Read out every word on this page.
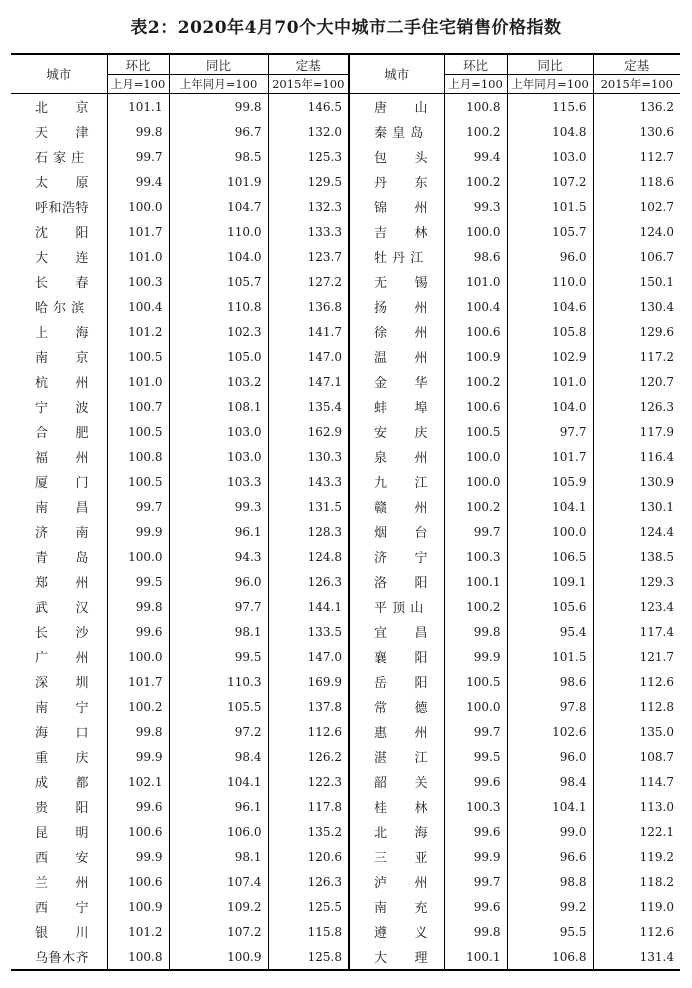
表2：2020年4月70个大中城市二手住宅销售价格指数
城市	环比	同比	定基	城市	环比	同比	定基
	上月=100	上年同月=100	2015年=100		上月=100	上年同月=100	2015年=100
北　　京	101.1	99.8	146.5	唐　　山	100.8	115.6	136.2
天　　津	99.8	96.7	132.0	秦 皇 岛	100.2	104.8	130.6
石 家 庄	99.7	98.5	125.3	包　　头	99.4	103.0	112.7
太　　原	99.4	101.9	129.5	丹　　东	100.2	107.2	118.6
呼和浩特	100.0	104.7	132.3	锦　　州	99.3	101.5	102.7
沈　　阳	101.7	110.0	133.3	吉　　林	100.0	105.7	124.0
大　　连	101.0	104.0	123.7	牡 丹 江	98.6	96.0	106.7
长　　春	100.3	105.7	127.2	无　　锡	101.0	110.0	150.1
哈 尔 滨	100.4	110.8	136.8	扬　　州	100.4	104.6	130.4
上　　海	101.2	102.3	141.7	徐　　州	100.6	105.8	129.6
南　　京	100.5	105.0	147.0	温　　州	100.9	102.9	117.2
杭　　州	101.0	103.2	147.1	金　　华	100.2	101.0	120.7
宁　　波	100.7	108.1	135.4	蚌　　埠	100.6	104.0	126.3
合　　肥	100.5	103.0	162.9	安　　庆	100.5	97.7	117.9
福　　州	100.8	103.0	130.3	泉　　州	100.0	101.7	116.4
厦　　门	100.5	103.3	143.3	九　　江	100.0	105.9	130.9
南　　昌	99.7	99.3	131.5	赣　　州	100.2	104.1	130.1
济　　南	99.9	96.1	128.3	烟　　台	99.7	100.0	124.4
青　　岛	100.0	94.3	124.8	济　　宁	100.3	106.5	138.5
郑　　州	99.5	96.0	126.3	洛　　阳	100.1	109.1	129.3
武　　汉	99.8	97.7	144.1	平 顶 山	100.2	105.6	123.4
长　　沙	99.6	98.1	133.5	宜　　昌	99.8	95.4	117.4
广　　州	100.0	99.5	147.0	襄　　阳	99.9	101.5	121.7
深　　圳	101.7	110.3	169.9	岳　　阳	100.5	98.6	112.6
南　　宁	100.2	105.5	137.8	常　　德	100.0	97.8	112.8
海　　口	99.8	97.2	112.6	惠　　州	99.7	102.6	135.0
重　　庆	99.9	98.4	126.2	湛　　江	99.5	96.0	108.7
成　　都	102.1	104.1	122.3	韶　　关	99.6	98.4	114.7
贵　　阳	99.6	96.1	117.8	桂　　林	100.3	104.1	113.0
昆　　明	100.6	106.0	135.2	北　　海	99.6	99.0	122.1
西　　安	99.9	98.1	120.6	三　　亚	99.9	96.6	119.2
兰　　州	100.6	107.4	126.3	泸　　州	99.7	98.8	118.2
西　　宁	100.9	109.2	125.5	南　　充	99.6	99.2	119.0
银　　川	101.2	107.2	115.8	遵　　义	99.8	95.5	112.6
乌鲁木齐	100.8	100.9	125.8	大　　理	100.1	106.8	131.4
